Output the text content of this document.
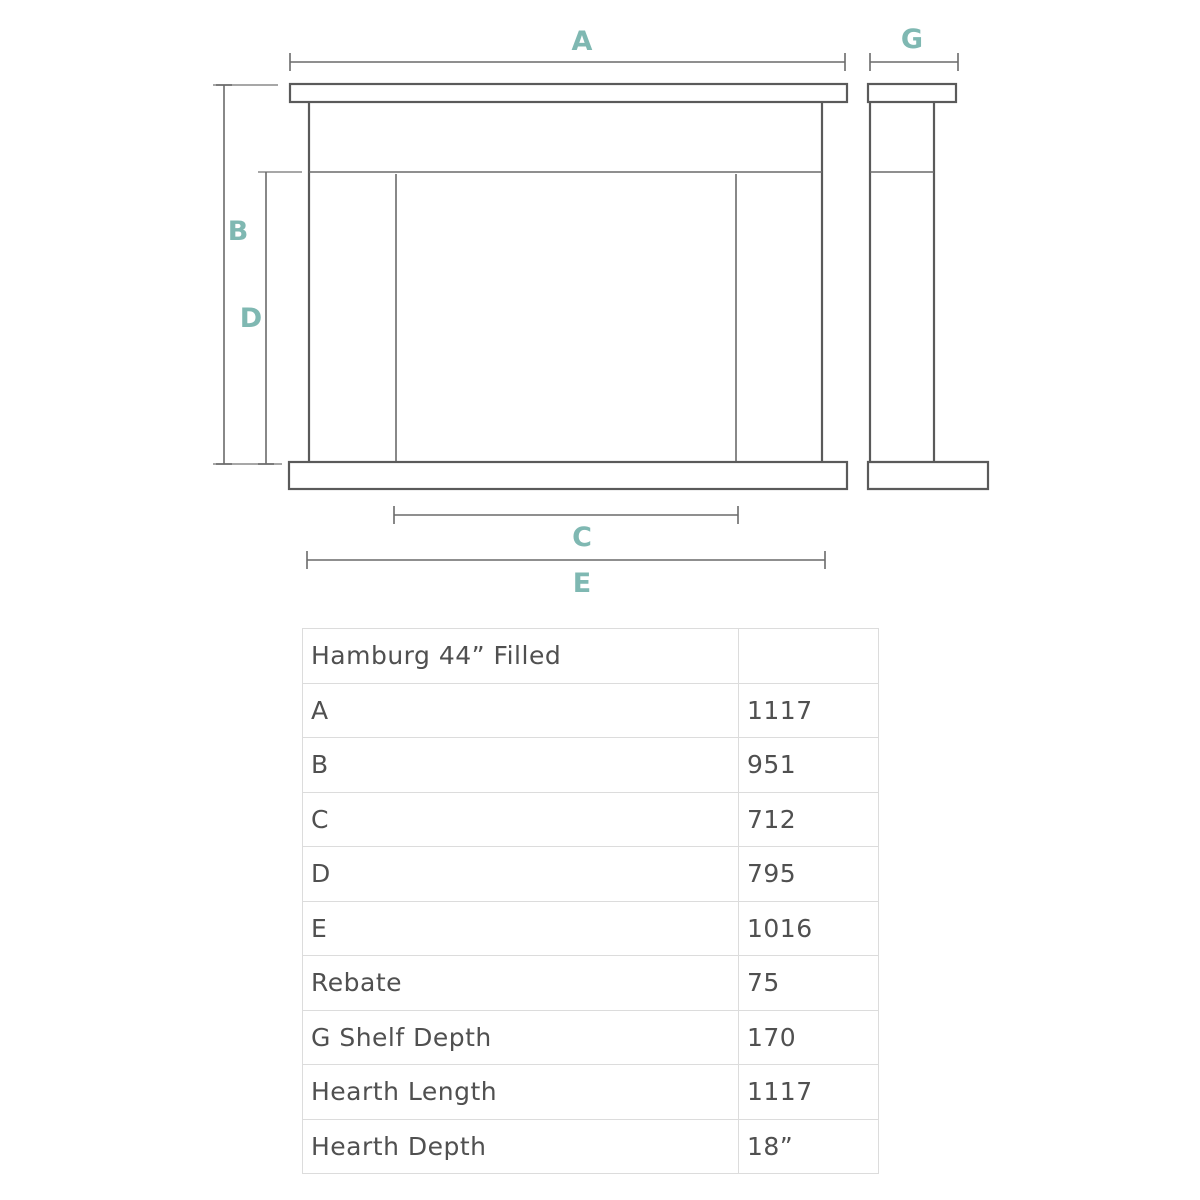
A	G
B
D
C
E
Hamburg 44” Filled	
A	1117
B	951
C	712
D	795
E	1016
Rebate	75
G Shelf Depth	170
Hearth Length	1117
Hearth Depth	18”
